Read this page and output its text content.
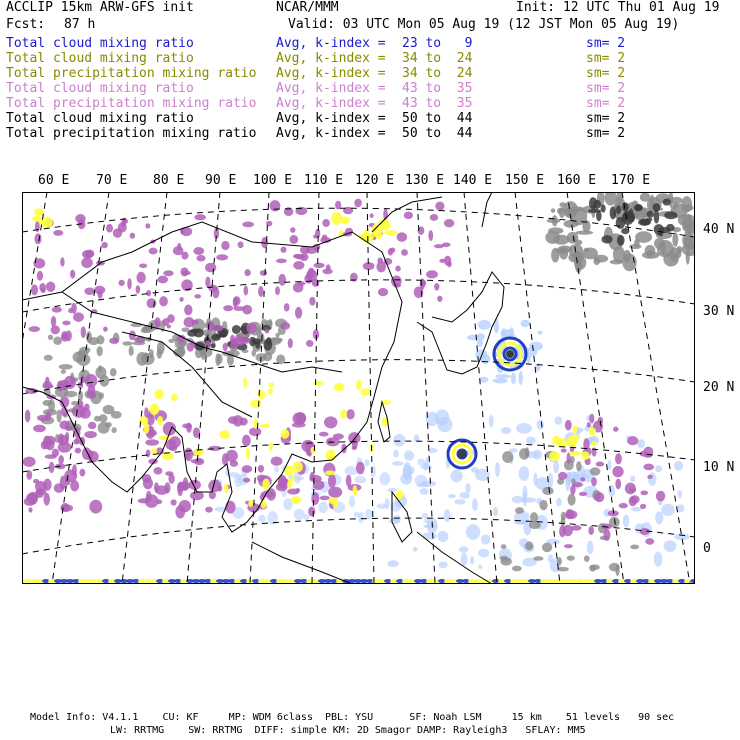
ACCLIP 15km ARW-GFS init	NCAR/MMM	Init: 12 UTC Thu 01 Aug 19
Fcst: 87 h	Valid: 03 UTC Mon 05 Aug 19 (12 JST Mon 05 Aug 19)
Total cloud mixing ratio	Avg, k-index = 23 to   9	sm= 2
Total cloud mixing ratio	Avg, k-index = 34 to  24	sm= 2
Total precipitation mixing ratio Avg, k-index = 34 to  24	sm= 2
Total cloud mixing ratio	Avg, k-index = 43 to  35	sm= 2
Total precipitation mixing ratio Avg, k-index = 43 to  35	sm= 2
Total cloud mixing ratio	Avg, k-index = 50 to  44	sm= 2
Total precipitation mixing ratio Avg, k-index = 50 to  44	sm= 2
60 E 70 E 80 E 90 E 100 E 110 E 120 E 130 E 140 E 150 E 160 E 170 E
40 N
30 N
20 N
10 N
0
Model Info: V4.1.1    CU: KF     MP: WDM 6class  PBL: YSU      SF: Noah LSM     15 km    51 levels   90 sec
LW: RRTMG    SW: RRTMG  DIFF: simple KM: 2D Smagor DAMP: Rayleigh3   SFLAY: MM5
